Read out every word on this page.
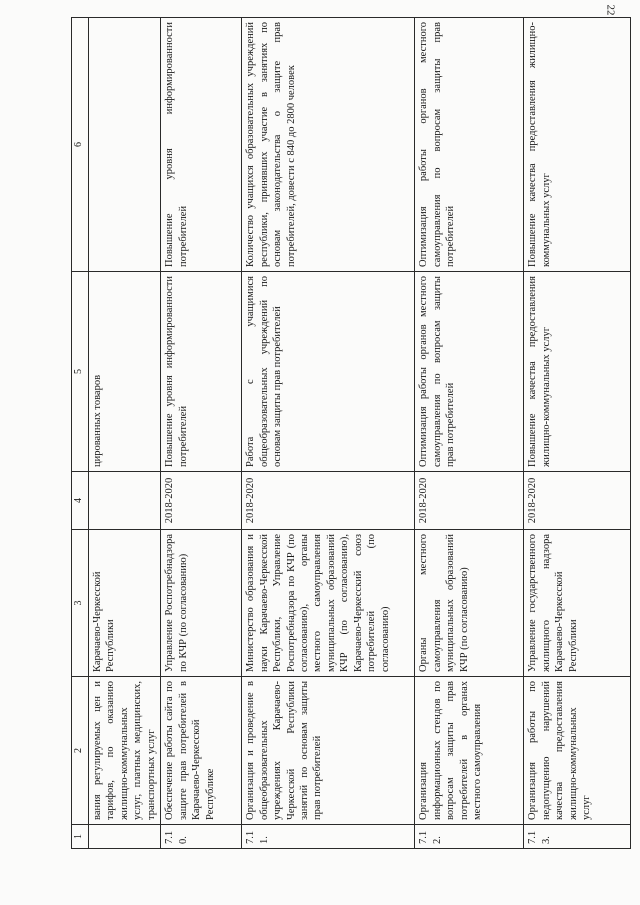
22
1	2	3	4	5	6
	вания регулируемых цен и тарифов, по оказанию жилищно-коммунальных услуг, платных медицинских, транспортных услуг	Карачаево-Черкесской Республики		цированных товаров	
7.10.	Обеспечение работы сайта по защите прав потребителей в Карачаево-Черкесской Республике	Управление Роспотребнадзора по КЧР (по согласованию)	2018-2020	Повышение уровня информированности потребителей	Повышение уровня информированности потребителей
7.11.	Организация и проведение в общеобразовательных учреждениях Карачаево-Черкесской Республики занятий по основам защиты прав потребителей	Министерство образования и науки Карачаево-Черкесской Республики, Управление Роспотребнадзора по КЧР (по согласованию), органы местного самоуправления муниципальных образований КЧР (по согласованию), Карачаево-Черкесский союз потребителей (по согласованию)	2018-2020	Работа с учащимися общеобразовательных учреждений по основам защиты прав потребителей	Количество учащихся образовательных учреждений республики, принявших участие в занятиях по основам законодательства о защите прав потребителей, довести с 840 до 2800 человек
7.12.	Организация информационных стендов по вопросам защиты прав потребителей в органах местного самоуправления	Органы местного самоуправления муниципальных образований КЧР (по согласованию)	2018-2020	Оптимизация работы органов местного самоуправления по вопросам защиты прав потребителей	Оптимизация работы органов местного самоуправления по вопросам защиты прав потребителей
7.13.	Организация работы по недопущению нарушений качества предоставления жилищно-коммунальных услуг	Управление государственного жилищного надзора Карачаево-Черкесской Республики	2018-2020	Повышение качества предоставления жилищно-коммунальных услуг	Повышение качества предоставления жилищно-коммунальных услуг
